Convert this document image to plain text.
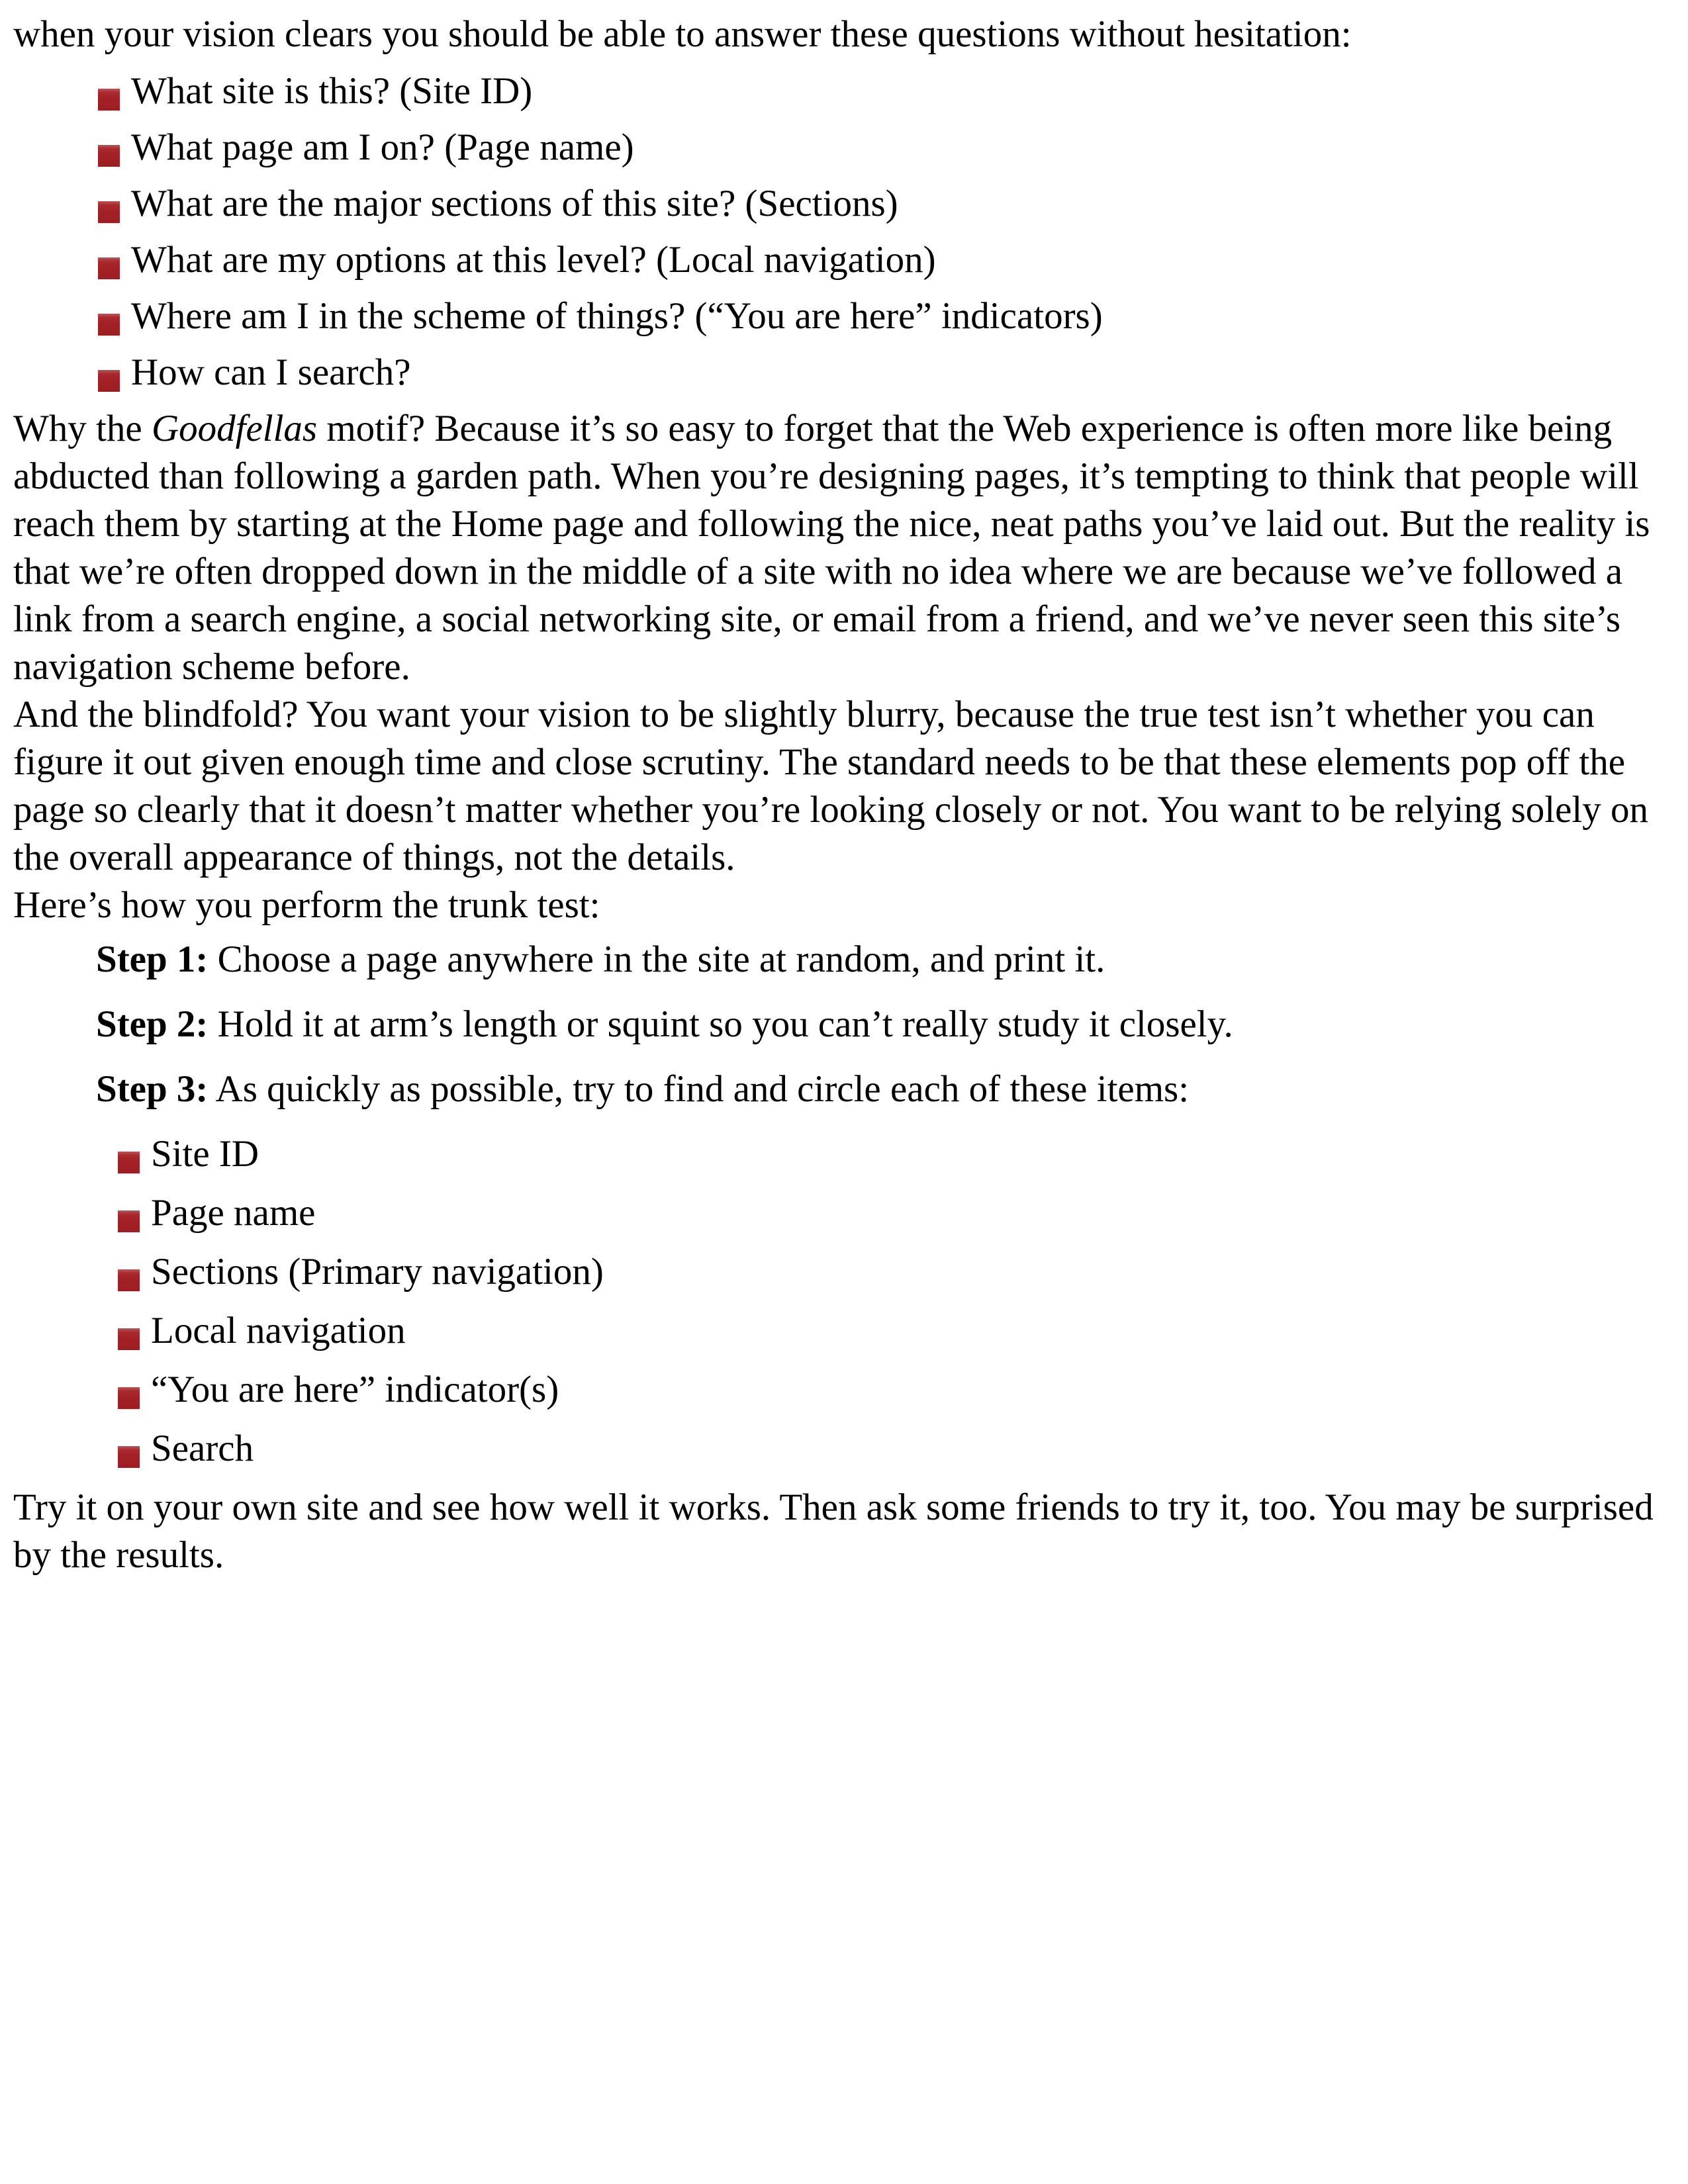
when your vision clears you should be able to answer these questions without hesitation:

What site is this? (Site ID)
What page am I on? (Page name)
What are the major sections of this site? (Sections)
What are my options at this level? (Local navigation)
Where am I in the scheme of things? (“You are here” indicators)
How can I search?

Why the Goodfellas motif? Because it’s so easy to forget that the Web experience is often more like being abducted than following a garden path. When you’re designing pages, it’s tempting to think that people will reach them by starting at the Home page and following the nice, neat paths you’ve laid out. But the reality is that we’re often dropped down in the middle of a site with no idea where we are because we’ve followed a link from a search engine, a social networking site, or email from a friend, and we’ve never seen this site’s navigation scheme before.

And the blindfold? You want your vision to be slightly blurry, because the true test isn’t whether you can figure it out given enough time and close scrutiny. The standard needs to be that these elements pop off the page so clearly that it doesn’t matter whether you’re looking closely or not. You want to be relying solely on the overall appearance of things, not the details.

Here’s how you perform the trunk test:

Step 1: Choose a page anywhere in the site at random, and print it.
Step 2: Hold it at arm’s length or squint so you can’t really study it closely.
Step 3: As quickly as possible, try to find and circle each of these items:
Site ID
Page name
Sections (Primary navigation)
Local navigation
“You are here” indicator(s)
Search

Try it on your own site and see how well it works. Then ask some friends to try it, too. You may be surprised by the results.
